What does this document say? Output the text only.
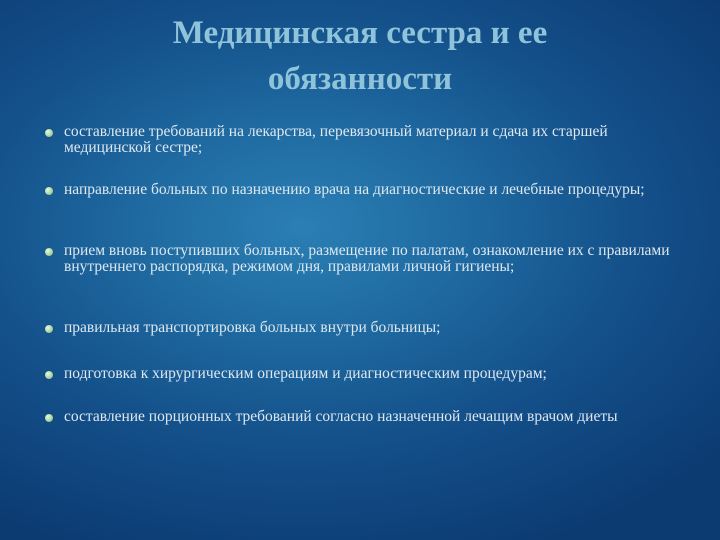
Медицинская сестра и ее
обязанности
составление требований на лекарства, перевязочный материал и сдача их старшей медицинской сестре;
направление больных по назначению врача на диагностические и лечебные процедуры;
прием вновь поступивших больных, размещение по палатам, ознакомление их с правилами внутреннего распорядка, режимом дня, правилами личной гигиены;
правильная транспортировка больных внутри больницы;
подготовка к хирургическим операциям и диагностическим процедурам;
составление порционных требований согласно назначенной лечащим врачом диеты
